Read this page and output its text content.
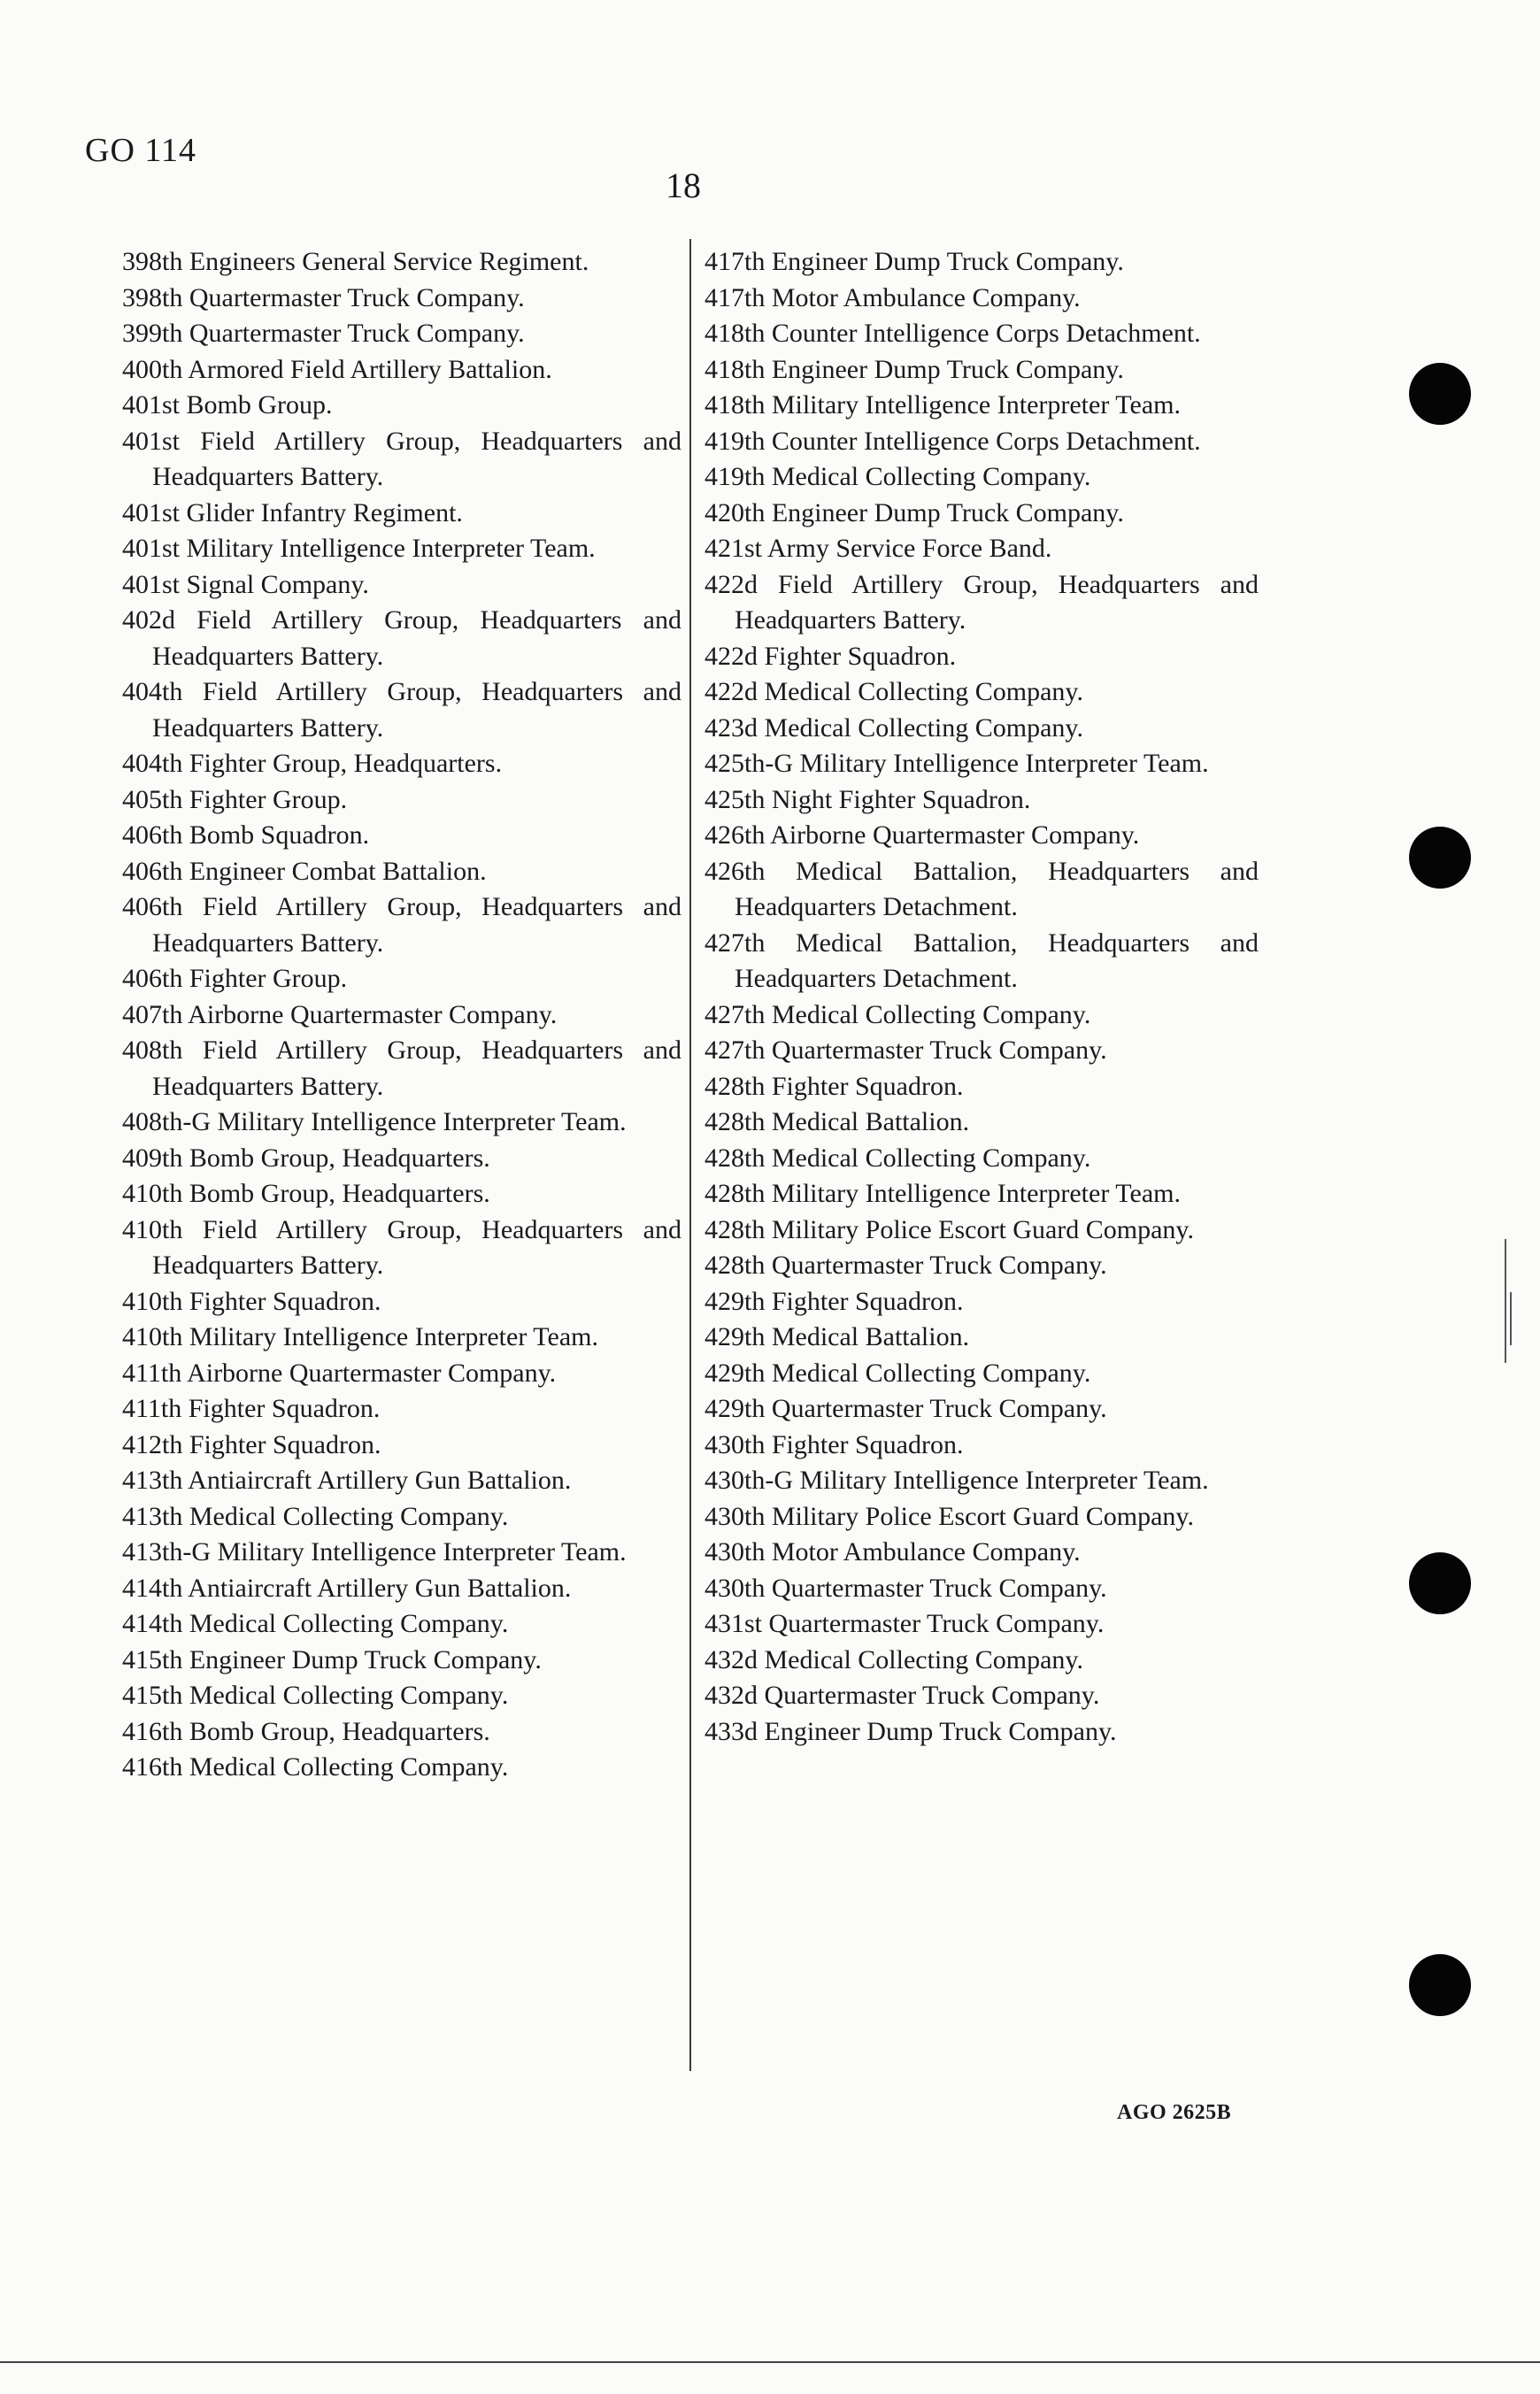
GO 114
18
398th Engineers General Service Regiment.
398th Quartermaster Truck Company.
399th Quartermaster Truck Company.
400th Armored Field Artillery Battalion.
401st Bomb Group.
401st Field Artillery Group, Headquarters and Headquarters Battery.
401st Glider Infantry Regiment.
401st Military Intelligence Interpreter Team.
401st Signal Company.
402d Field Artillery Group, Headquarters and Headquarters Battery.
404th Field Artillery Group, Headquarters and Headquarters Battery.
404th Fighter Group, Headquarters.
405th Fighter Group.
406th Bomb Squadron.
406th Engineer Combat Battalion.
406th Field Artillery Group, Headquarters and Headquarters Battery.
406th Fighter Group.
407th Airborne Quartermaster Company.
408th Field Artillery Group, Headquarters and Headquarters Battery.
408th-G Military Intelligence Interpreter Team.
409th Bomb Group, Headquarters.
410th Bomb Group, Headquarters.
410th Field Artillery Group, Headquarters and Headquarters Battery.
410th Fighter Squadron.
410th Military Intelligence Interpreter Team.
411th Airborne Quartermaster Company.
411th Fighter Squadron.
412th Fighter Squadron.
413th Antiaircraft Artillery Gun Battalion.
413th Medical Collecting Company.
413th-G Military Intelligence Interpreter Team.
414th Antiaircraft Artillery Gun Battalion.
414th Medical Collecting Company.
415th Engineer Dump Truck Company.
415th Medical Collecting Company.
416th Bomb Group, Headquarters.
416th Medical Collecting Company.
417th Engineer Dump Truck Company.
417th Motor Ambulance Company.
418th Counter Intelligence Corps Detachment.
418th Engineer Dump Truck Company.
418th Military Intelligence Interpreter Team.
419th Counter Intelligence Corps Detachment.
419th Medical Collecting Company.
420th Engineer Dump Truck Company.
421st Army Service Force Band.
422d Field Artillery Group, Headquarters and Headquarters Battery.
422d Fighter Squadron.
422d Medical Collecting Company.
423d Medical Collecting Company.
425th-G Military Intelligence Interpreter Team.
425th Night Fighter Squadron.
426th Airborne Quartermaster Company.
426th Medical Battalion, Headquarters and Headquarters Detachment.
427th Medical Battalion, Headquarters and Headquarters Detachment.
427th Medical Collecting Company.
427th Quartermaster Truck Company.
428th Fighter Squadron.
428th Medical Battalion.
428th Medical Collecting Company.
428th Military Intelligence Interpreter Team.
428th Military Police Escort Guard Company.
428th Quartermaster Truck Company.
429th Fighter Squadron.
429th Medical Battalion.
429th Medical Collecting Company.
429th Quartermaster Truck Company.
430th Fighter Squadron.
430th-G Military Intelligence Interpreter Team.
430th Military Police Escort Guard Company.
430th Motor Ambulance Company.
430th Quartermaster Truck Company.
431st Quartermaster Truck Company.
432d Medical Collecting Company.
432d Quartermaster Truck Company.
433d Engineer Dump Truck Company.
AGO 2625B
